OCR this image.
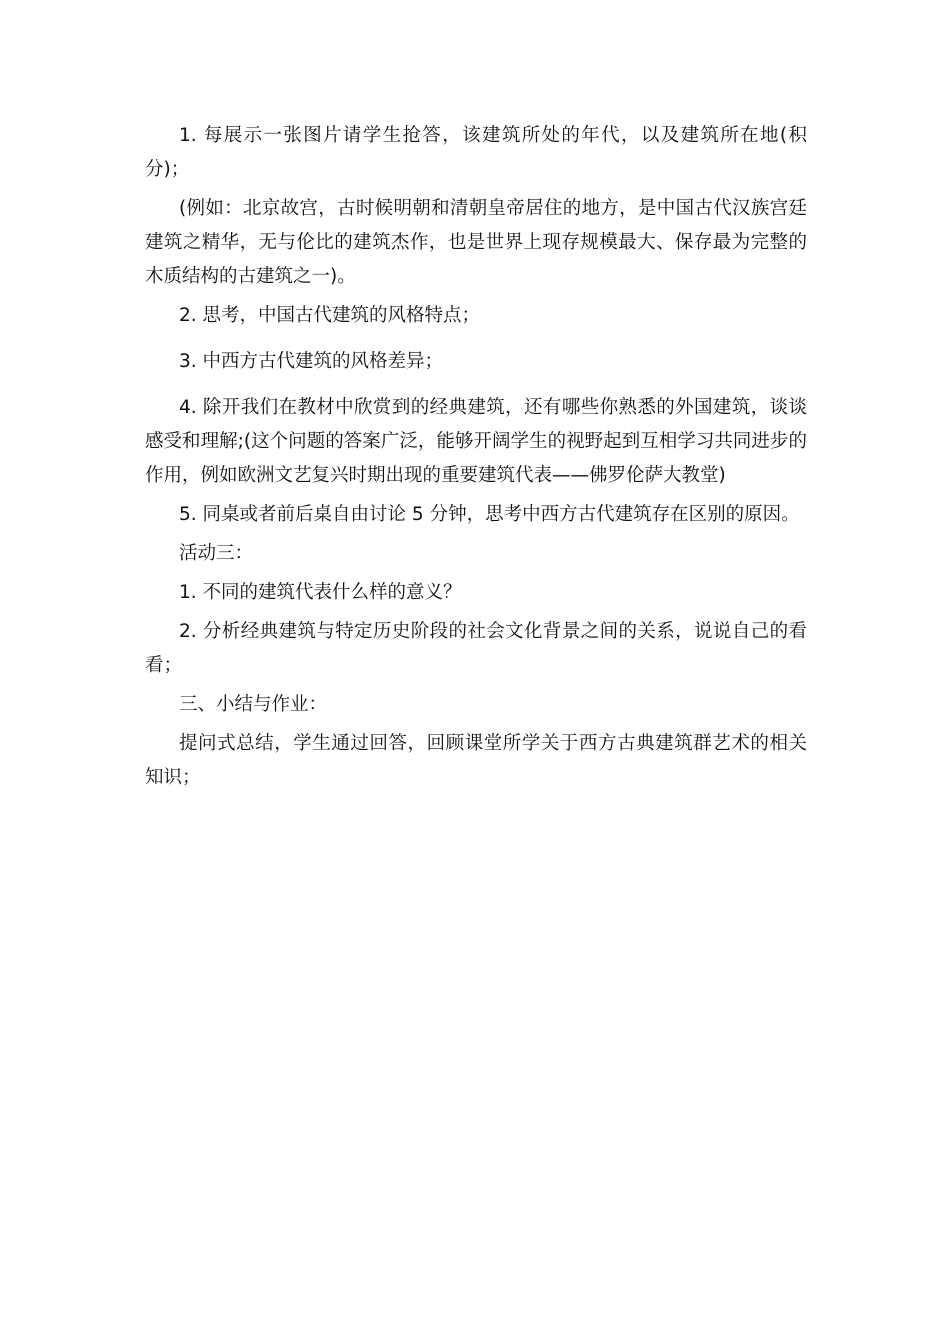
1. 每展示一张图片请学生抢答，该建筑所处的年代，以及建筑所在地(积分)；

(例如：北京故宫，古时候明朝和清朝皇帝居住的地方，是中国古代汉族宫廷建筑之精华，无与伦比的建筑杰作，也是世界上现存规模最大、保存最为完整的木质结构的古建筑之一)。

2. 思考，中国古代建筑的风格特点；

3. 中西方古代建筑的风格差异；

4. 除开我们在教材中欣赏到的经典建筑，还有哪些你熟悉的外国建筑，谈谈感受和理解;(这个问题的答案广泛，能够开阔学生的视野起到互相学习共同进步的作用，例如欧洲文艺复兴时期出现的重要建筑代表——佛罗伦萨大教堂)

5. 同桌或者前后桌自由讨论 5 分钟，思考中西方古代建筑存在区别的原因。

活动三：

1. 不同的建筑代表什么样的意义？

2. 分析经典建筑与特定历史阶段的社会文化背景之间的关系，说说自己的看看；

三、小结与作业：

提问式总结，学生通过回答，回顾课堂所学关于西方古典建筑群艺术的相关知识；
